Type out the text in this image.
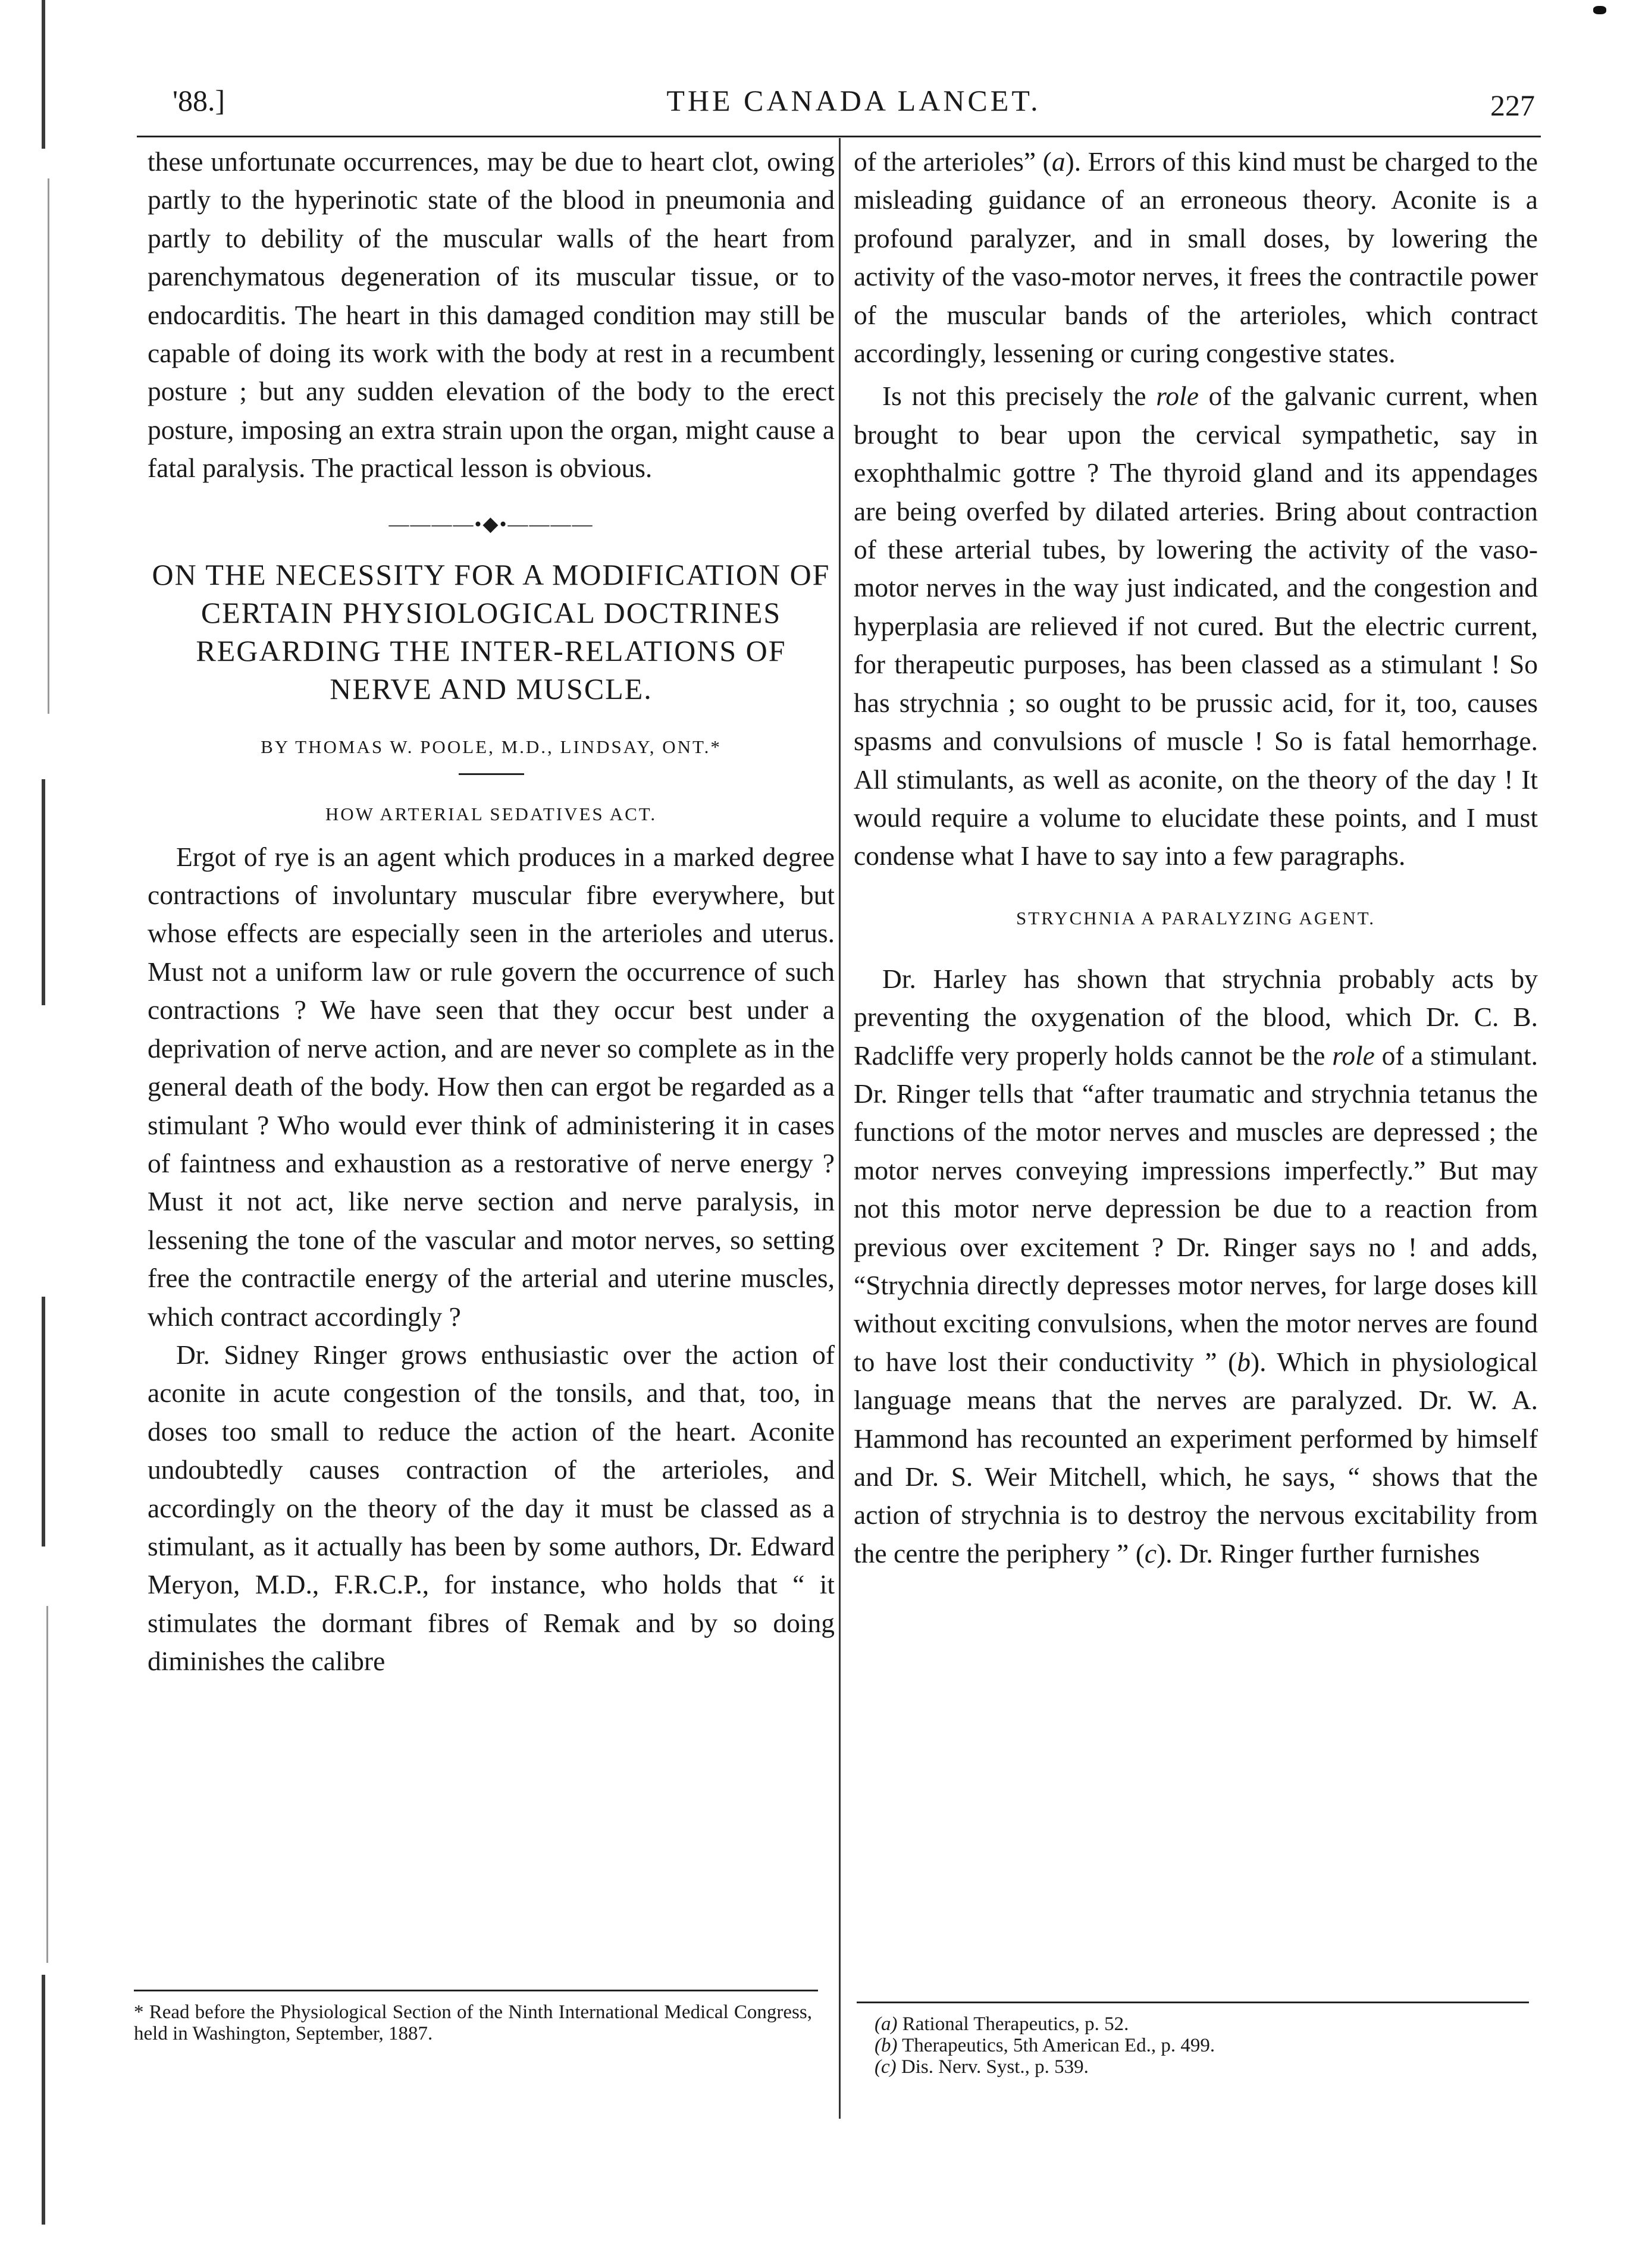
'88.]	THE CANADA LANCET.	227

these unfortunate occurrences, may be due to heart clot, owing partly to the hyperinotic state of the blood in pneumonia and partly to debility of the muscular walls of the heart from parenchymatous degeneration of its muscular tissue, or to endocarditis. The heart in this damaged condition may still be capable of doing its work with the body at rest in a recumbent posture ; but any sudden elevation of the body to the erect posture, imposing an extra strain upon the organ, might cause a fatal paralysis. The practical lesson is obvious.

————•◆•————
ON THE NECESSITY FOR A MODIFICATION OF CERTAIN PHYSIOLOGICAL DOCTRINES REGARDING THE INTER-RELATIONS OF NERVE AND MUSCLE.
BY THOMAS W. POOLE, M.D., LINDSAY, ONT.*
HOW ARTERIAL SEDATIVES ACT.

Ergot of rye is an agent which produces in a marked degree contractions of involuntary muscular fibre everywhere, but whose effects are especially seen in the arterioles and uterus. Must not a uniform law or rule govern the occurrence of such contractions ? We have seen that they occur best under a deprivation of nerve action, and are never so complete as in the general death of the body. How then can ergot be regarded as a stimulant ? Who would ever think of administering it in cases of faintness and exhaustion as a restorative of nerve energy ? Must it not act, like nerve section and nerve paralysis, in lessening the tone of the vascular and motor nerves, so setting free the contractile energy of the arterial and uterine muscles, which contract accordingly ?

Dr. Sidney Ringer grows enthusiastic over the action of aconite in acute congestion of the tonsils, and that, too, in doses too small to reduce the action of the heart. Aconite undoubtedly causes contraction of the arterioles, and accordingly on the theory of the day it must be classed as a stimulant, as it actually has been by some authors, Dr. Edward Meryon, M.D., F.R.C.P., for instance, who holds that “ it stimulates the dormant fibres of Remak and by so doing diminishes the calibre

* Read before the Physiological Section of the Ninth International Medical Congress, held in Washington, September, 1887.

of the arterioles” (a). Errors of this kind must be charged to the misleading guidance of an erroneous theory. Aconite is a profound paralyzer, and in small doses, by lowering the activity of the vaso-motor nerves, it frees the contractile power of the muscular bands of the arterioles, which contract accordingly, lessening or curing congestive states.

Is not this precisely the role of the galvanic current, when brought to bear upon the cervical sympathetic, say in exophthalmic gottre ? The thyroid gland and its appendages are being overfed by dilated arteries. Bring about contraction of these arterial tubes, by lowering the activity of the vaso-motor nerves in the way just indicated, and the congestion and hyperplasia are relieved if not cured. But the electric current, for therapeutic purposes, has been classed as a stimulant ! So has strychnia ; so ought to be prussic acid, for it, too, causes spasms and convulsions of muscle ! So is fatal hemorrhage. All stimulants, as well as aconite, on the theory of the day ! It would require a volume to elucidate these points, and I must condense what I have to say into a few paragraphs.

STRYCHNIA A PARALYZING AGENT.

Dr. Harley has shown that strychnia probably acts by preventing the oxygenation of the blood, which Dr. C. B. Radcliffe very properly holds cannot be the role of a stimulant. Dr. Ringer tells that “after traumatic and strychnia tetanus the functions of the motor nerves and muscles are depressed ; the motor nerves conveying impressions imperfectly.” But may not this motor nerve depression be due to a reaction from previous over excitement ? Dr. Ringer says no ! and adds, “Strychnia directly depresses motor nerves, for large doses kill without exciting convulsions, when the motor nerves are found to have lost their conductivity ” (b). Which in physiological language means that the nerves are paralyzed. Dr. W. A. Hammond has recounted an experiment performed by himself and Dr. S. Weir Mitchell, which, he says, “ shows that the action of strychnia is to destroy the nervous excitability from the centre the periphery ” (c). Dr. Ringer further furnishes

(a) Rational Therapeutics, p. 52.

(b) Therapeutics, 5th American Ed., p. 499.

(c) Dis. Nerv. Syst., p. 539.
